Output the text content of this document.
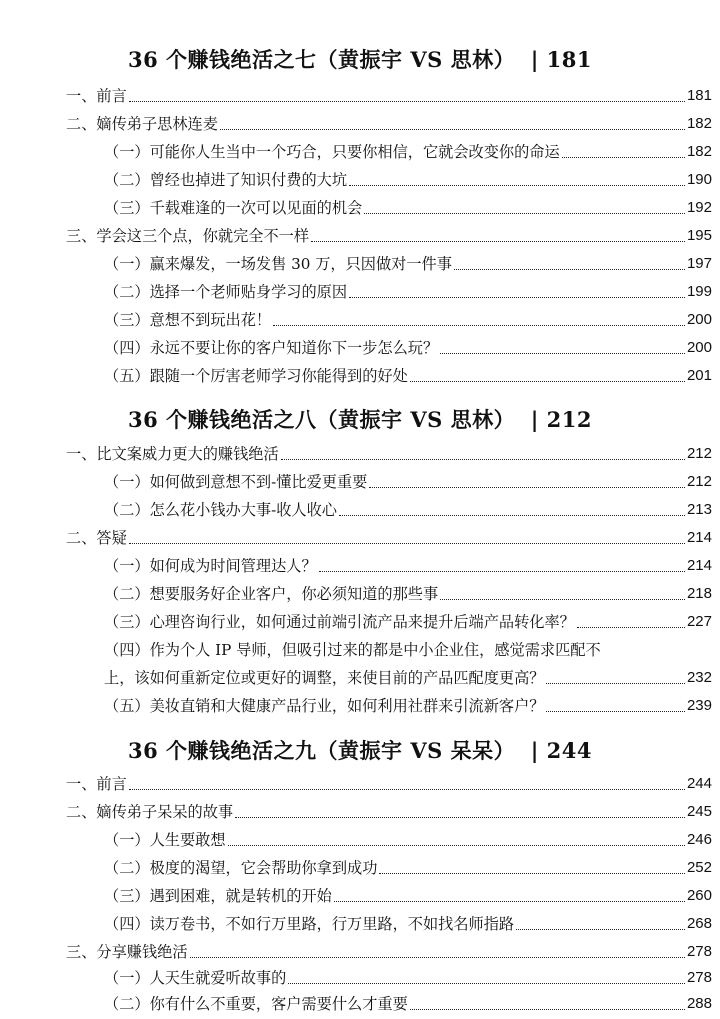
36 个赚钱绝活之七（黄振宇 VS 思林）  | 181
一、前言	181
二、嫡传弟子思林连麦	182
（一）可能你人生当中一个巧合，只要你相信，它就会改变你的命运	182
（二）曾经也掉进了知识付费的大坑	190
（三）千载难逢的一次可以见面的机会	192
三、学会这三个点，你就完全不一样	195
（一）赢来爆发，一场发售 30 万，只因做对一件事	197
（二）选择一个老师贴身学习的原因	199
（三）意想不到玩出花！	200
（四）永远不要让你的客户知道你下一步怎么玩？	200
（五）跟随一个厉害老师学习你能得到的好处	201
36 个赚钱绝活之八（黄振宇 VS 思林）  | 212
一、比文案威力更大的赚钱绝活	212
（一）如何做到意想不到-懂比爱更重要	212
（二）怎么花小钱办大事-收人收心	213
二、答疑	214
（一）如何成为时间管理达人？	214
（二）想要服务好企业客户，你必须知道的那些事	218
（三）心理咨询行业，如何通过前端引流产品来提升后端产品转化率？	227
（四）作为个人 IP 导师，但吸引过来的都是中小企业住，感觉需求匹配不
上，该如何重新定位或更好的调整，来使目前的产品匹配度更高？	232
（五）美妆直销和大健康产品行业，如何利用社群来引流新客户？	239
36 个赚钱绝活之九（黄振宇 VS 呆呆）  | 244
一、前言	244
二、嫡传弟子呆呆的故事	245
（一）人生要敢想	246
（二）极度的渴望，它会帮助你拿到成功	252
（三）遇到困难，就是转机的开始	260
（四）读万卷书，不如行万里路，行万里路，不如找名师指路	268
三、分享赚钱绝活	278
（一）人天生就爱听故事的	278
（二）你有什么不重要，客户需要什么才重要	288
